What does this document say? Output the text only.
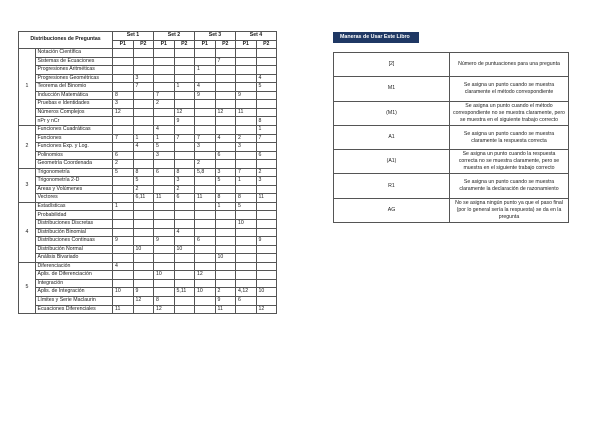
Distribuciones de Preguntas		Set 1		Set 2		Set 3		Set 4	
		P1	P2	P1	P2	P1	P2	P1	P2
1	Notación Científica								
	Sistemas de Ecuaciones						7		
	Progresiones Aritméticas					1			
	Progresiones Geométricas		3						4
	Teorema del Binomio		7		1	4			5
	Inducción Matemática	8		7		9		9	
	Pruebas e Identidades	3		2					
	Números Complejos	12			12		12	11	
	nPr y nCr				9				8
2	Funciones Cuadráticas			4					1
	Funciones	7	1	1	7	7	4	2	7
	Funciones Exp. y Log.		4	5		3		3	
	Polinomios	6		3			6		6
	Geometría Coordenada	2				2			
3	Trigonometría	5	8	6	8	5,8	3	7	2
	Trigonometría 2-D		5		3		5	1	3
	Áreas y Volúmenes		2		2				
	Vectores		6,11	11	6	11	8	8	11
4	Estadísticas	1					1	5	
	Probabilidad								
	Distribuciones Discretas							10	
	Distribución Binomial				4				
	Distribuciones Continuas	9		9		6			9
	Distribución Normal		10		10				
	Análisis Bivariado						10		
5	Diferenciación	4							
	Aplis. de Diferenciación			10		12			
	Integración								
	Aplis. de Integración	10	9		5,11	10	2	4,12	10
	Límites y Serie Maclaurin		12	8			9	6	
	Ecuaciones Diferenciales	11		12			11		12
Maneras de Usar Este Libro
[2]	Número de puntuaciones para una pregunta
M1	Se asigna un punto cuando se muestra claramente el método correspondiente
(M1)	Se asigna un punto cuando el método correspondiente no se muestra claramente, pero se muestra en el siguiente trabajo correcto
A1	Se asigna un punto cuando se muestra claramente la respuesta correcta
(A1)	Se asigna un punto cuando la respuesta correcta no se muestra claramente, pero se muestra en el siguiente trabajo correcto
R1	Se asigna un punto cuando se muestra claramente la declaración de razonamiento
AG	No se asigna ningún punto ya que el paso final (por lo general sería la respuesta) se da en la pregunta
